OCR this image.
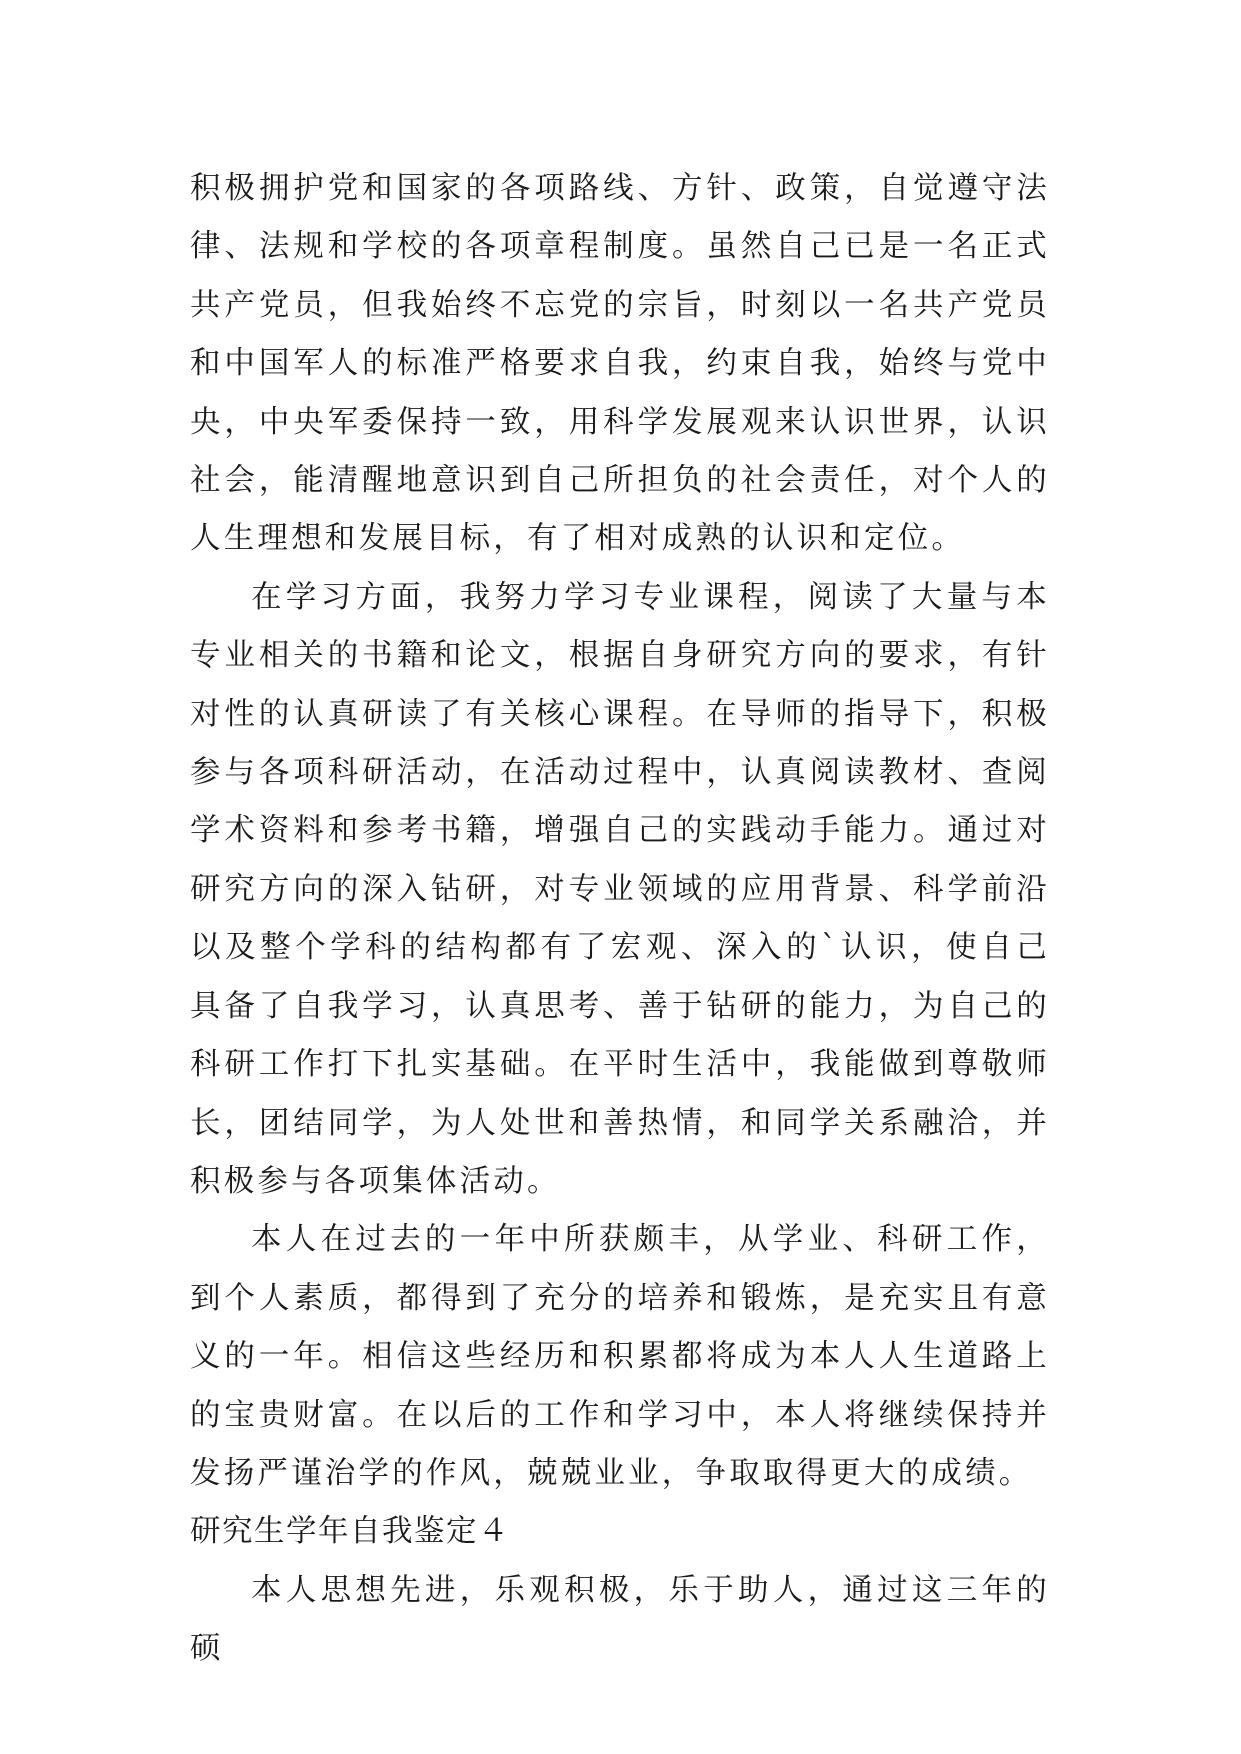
积极拥护党和国家的各项路线、方针、政策，自觉遵守法律、法规和学校的各项章程制度。虽然自己已是一名正式共产党员，但我始终不忘党的宗旨，时刻以一名共产党员和中国军人的标准严格要求自我，约束自我，始终与党中央，中央军委保持一致，用科学发展观来认识世界，认识社会，能清醒地意识到自己所担负的社会责任，对个人的人生理想和发展目标，有了相对成熟的认识和定位。

在学习方面，我努力学习专业课程，阅读了大量与本专业相关的书籍和论文，根据自身研究方向的要求，有针对性的认真研读了有关核心课程。在导师的指导下，积极参与各项科研活动，在活动过程中，认真阅读教材、查阅学术资料和参考书籍，增强自己的实践动手能力。通过对研究方向的深入钻研，对专业领域的应用背景、科学前沿以及整个学科的结构都有了宏观、深入的`认识，使自己具备了自我学习，认真思考、善于钻研的能力，为自己的科研工作打下扎实基础。在平时生活中，我能做到尊敬师长，团结同学，为人处世和善热情，和同学关系融洽，并积极参与各项集体活动。

本人在过去的一年中所获颇丰，从学业、科研工作，到个人素质，都得到了充分的培养和锻炼，是充实且有意义的一年。相信这些经历和积累都将成为本人人生道路上的宝贵财富。在以后的工作和学习中，本人将继续保持并发扬严谨治学的作风，兢兢业业，争取取得更大的成绩。

研究生学年自我鉴定４

本人思想先进，乐观积极，乐于助人，通过这三年的硕
